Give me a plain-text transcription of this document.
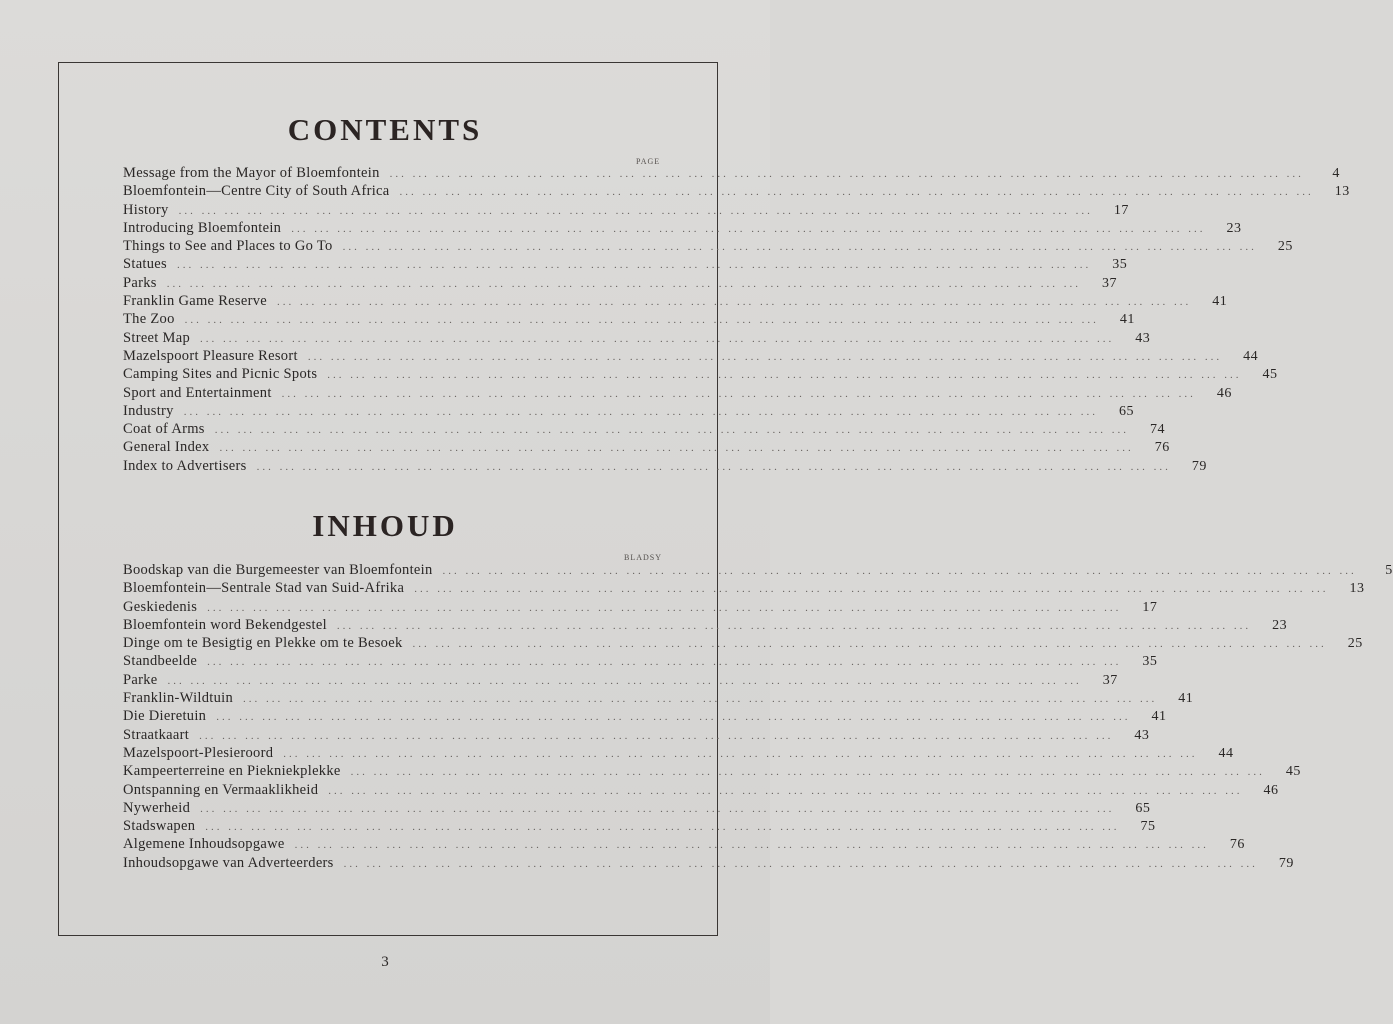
CONTENTS
PAGE
Message from the Mayor of Bloemfontein ... ... ... ... ... ... ... ... ... ... ... ... ... ... ... ... ... ... ... ... ... ... ... ... ... ... ... ... ... ... ... ... ... ... ... ... ... ... ... ...	4
Bloemfontein—Centre City of South Africa ... ... ... ... ... ... ... ... ... ... ... ... ... ... ... ... ... ... ... ... ... ... ... ... ... ... ... ... ... ... ... ... ... ... ... ... ... ... ... ...	13
History ... ... ... ... ... ... ... ... ... ... ... ... ... ... ... ... ... ... ... ... ... ... ... ... ... ... ... ... ... ... ... ... ... ... ... ... ... ... ... ...	17
Introducing Bloemfontein ... ... ... ... ... ... ... ... ... ... ... ... ... ... ... ... ... ... ... ... ... ... ... ... ... ... ... ... ... ... ... ... ... ... ... ... ... ... ... ...	23
Things to See and Places to Go To ... ... ... ... ... ... ... ... ... ... ... ... ... ... ... ... ... ... ... ... ... ... ... ... ... ... ... ... ... ... ... ... ... ... ... ... ... ... ... ...	25
Statues ... ... ... ... ... ... ... ... ... ... ... ... ... ... ... ... ... ... ... ... ... ... ... ... ... ... ... ... ... ... ... ... ... ... ... ... ... ... ... ...	35
Parks ... ... ... ... ... ... ... ... ... ... ... ... ... ... ... ... ... ... ... ... ... ... ... ... ... ... ... ... ... ... ... ... ... ... ... ... ... ... ... ...	37
Franklin Game Reserve ... ... ... ... ... ... ... ... ... ... ... ... ... ... ... ... ... ... ... ... ... ... ... ... ... ... ... ... ... ... ... ... ... ... ... ... ... ... ... ...	41
The Zoo ... ... ... ... ... ... ... ... ... ... ... ... ... ... ... ... ... ... ... ... ... ... ... ... ... ... ... ... ... ... ... ... ... ... ... ... ... ... ... ...	41
Street Map ... ... ... ... ... ... ... ... ... ... ... ... ... ... ... ... ... ... ... ... ... ... ... ... ... ... ... ... ... ... ... ... ... ... ... ... ... ... ... ...	43
Mazelspoort Pleasure Resort ... ... ... ... ... ... ... ... ... ... ... ... ... ... ... ... ... ... ... ... ... ... ... ... ... ... ... ... ... ... ... ... ... ... ... ... ... ... ... ...	44
Camping Sites and Picnic Spots ... ... ... ... ... ... ... ... ... ... ... ... ... ... ... ... ... ... ... ... ... ... ... ... ... ... ... ... ... ... ... ... ... ... ... ... ... ... ... ...	45
Sport and Entertainment ... ... ... ... ... ... ... ... ... ... ... ... ... ... ... ... ... ... ... ... ... ... ... ... ... ... ... ... ... ... ... ... ... ... ... ... ... ... ... ...	46
Industry ... ... ... ... ... ... ... ... ... ... ... ... ... ... ... ... ... ... ... ... ... ... ... ... ... ... ... ... ... ... ... ... ... ... ... ... ... ... ... ...	65
Coat of Arms ... ... ... ... ... ... ... ... ... ... ... ... ... ... ... ... ... ... ... ... ... ... ... ... ... ... ... ... ... ... ... ... ... ... ... ... ... ... ... ...	74
General Index ... ... ... ... ... ... ... ... ... ... ... ... ... ... ... ... ... ... ... ... ... ... ... ... ... ... ... ... ... ... ... ... ... ... ... ... ... ... ... ...	76
Index to Advertisers ... ... ... ... ... ... ... ... ... ... ... ... ... ... ... ... ... ... ... ... ... ... ... ... ... ... ... ... ... ... ... ... ... ... ... ... ... ... ... ...	79
INHOUD
BLADSY
Boodskap van die Burgemeester van Bloemfontein ... ... ... ... ... ... ... ... ... ... ... ... ... ... ... ... ... ... ... ... ... ... ... ... ... ... ... ... ... ... ... ... ... ... ... ... ... ... ... ...	5
Bloemfontein—Sentrale Stad van Suid-Afrika ... ... ... ... ... ... ... ... ... ... ... ... ... ... ... ... ... ... ... ... ... ... ... ... ... ... ... ... ... ... ... ... ... ... ... ... ... ... ... ...	13
Geskiedenis ... ... ... ... ... ... ... ... ... ... ... ... ... ... ... ... ... ... ... ... ... ... ... ... ... ... ... ... ... ... ... ... ... ... ... ... ... ... ... ...	17
Bloemfontein word Bekendgestel ... ... ... ... ... ... ... ... ... ... ... ... ... ... ... ... ... ... ... ... ... ... ... ... ... ... ... ... ... ... ... ... ... ... ... ... ... ... ... ...	23
Dinge om te Besigtig en Plekke om te Besoek ... ... ... ... ... ... ... ... ... ... ... ... ... ... ... ... ... ... ... ... ... ... ... ... ... ... ... ... ... ... ... ... ... ... ... ... ... ... ... ...	25
Standbeelde ... ... ... ... ... ... ... ... ... ... ... ... ... ... ... ... ... ... ... ... ... ... ... ... ... ... ... ... ... ... ... ... ... ... ... ... ... ... ... ...	35
Parke ... ... ... ... ... ... ... ... ... ... ... ... ... ... ... ... ... ... ... ... ... ... ... ... ... ... ... ... ... ... ... ... ... ... ... ... ... ... ... ...	37
Franklin-Wildtuin ... ... ... ... ... ... ... ... ... ... ... ... ... ... ... ... ... ... ... ... ... ... ... ... ... ... ... ... ... ... ... ... ... ... ... ... ... ... ... ...	41
Die Dieretuin ... ... ... ... ... ... ... ... ... ... ... ... ... ... ... ... ... ... ... ... ... ... ... ... ... ... ... ... ... ... ... ... ... ... ... ... ... ... ... ...	41
Straatkaart ... ... ... ... ... ... ... ... ... ... ... ... ... ... ... ... ... ... ... ... ... ... ... ... ... ... ... ... ... ... ... ... ... ... ... ... ... ... ... ...	43
Mazelspoort-Plesieroord ... ... ... ... ... ... ... ... ... ... ... ... ... ... ... ... ... ... ... ... ... ... ... ... ... ... ... ... ... ... ... ... ... ... ... ... ... ... ... ...	44
Kampeerterreine en Piekniekplekke ... ... ... ... ... ... ... ... ... ... ... ... ... ... ... ... ... ... ... ... ... ... ... ... ... ... ... ... ... ... ... ... ... ... ... ... ... ... ... ...	45
Ontspanning en Vermaaklikheid ... ... ... ... ... ... ... ... ... ... ... ... ... ... ... ... ... ... ... ... ... ... ... ... ... ... ... ... ... ... ... ... ... ... ... ... ... ... ... ...	46
Nywerheid ... ... ... ... ... ... ... ... ... ... ... ... ... ... ... ... ... ... ... ... ... ... ... ... ... ... ... ... ... ... ... ... ... ... ... ... ... ... ... ...	65
Stadswapen ... ... ... ... ... ... ... ... ... ... ... ... ... ... ... ... ... ... ... ... ... ... ... ... ... ... ... ... ... ... ... ... ... ... ... ... ... ... ... ...	75
Algemene Inhoudsopgawe ... ... ... ... ... ... ... ... ... ... ... ... ... ... ... ... ... ... ... ... ... ... ... ... ... ... ... ... ... ... ... ... ... ... ... ... ... ... ... ...	76
Inhoudsopgawe van Adverteerders ... ... ... ... ... ... ... ... ... ... ... ... ... ... ... ... ... ... ... ... ... ... ... ... ... ... ... ... ... ... ... ... ... ... ... ... ... ... ... ...	79
3
